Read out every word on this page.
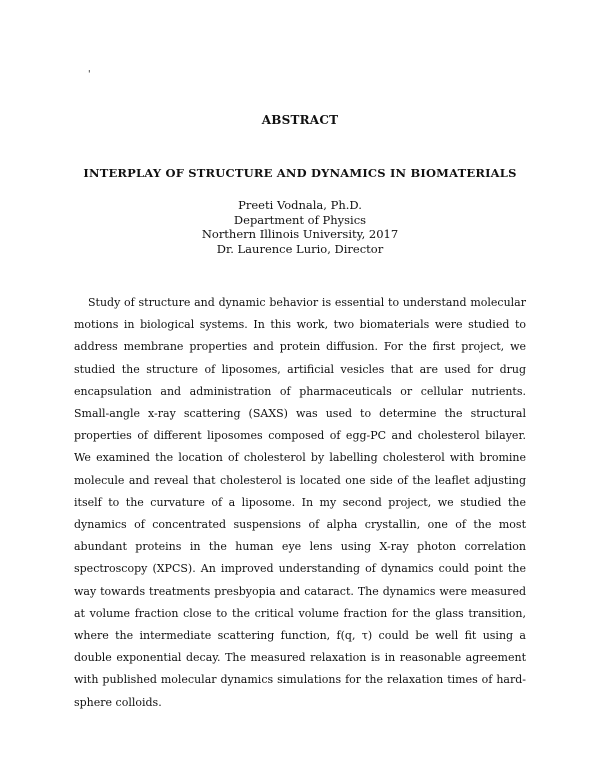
'
ABSTRACT
INTERPLAY OF STRUCTURE AND DYNAMICS IN BIOMATERIALS
Preeti Vodnala, Ph.D.
Department of Physics
Northern Illinois University, 2017
Dr. Laurence Lurio, Director

Study of structure and dynamic behavior is essential to understand molecular motions in biological systems. In this work, two biomaterials were studied to address membrane properties and protein diffusion. For the first project, we studied the structure of liposomes, artificial vesicles that are used for drug encapsulation and administration of pharmaceuticals or cellular nutrients. Small-angle x-ray scattering (SAXS) was used to determine the structural properties of different liposomes composed of egg-PC and cholesterol bilayer. We examined the location of cholesterol by labelling cholesterol with bromine molecule and reveal that cholesterol is located one side of the leaflet adjusting itself to the curvature of a liposome. In my second project, we studied the dynamics of concentrated suspensions of alpha crystallin, one of the most abundant proteins in the human eye lens using X-ray photon correlation spectroscopy (XPCS). An improved understanding of dynamics could point the way towards treatments presbyopia and cataract. The dynamics were measured at volume fraction close to the critical volume fraction for the glass transition, where the intermediate scattering function, f(q, τ) could be well fit using a double exponential decay. The measured relaxation is in reasonable agreement with published molecular dynamics simulations for the relaxation times of hard-sphere colloids.
